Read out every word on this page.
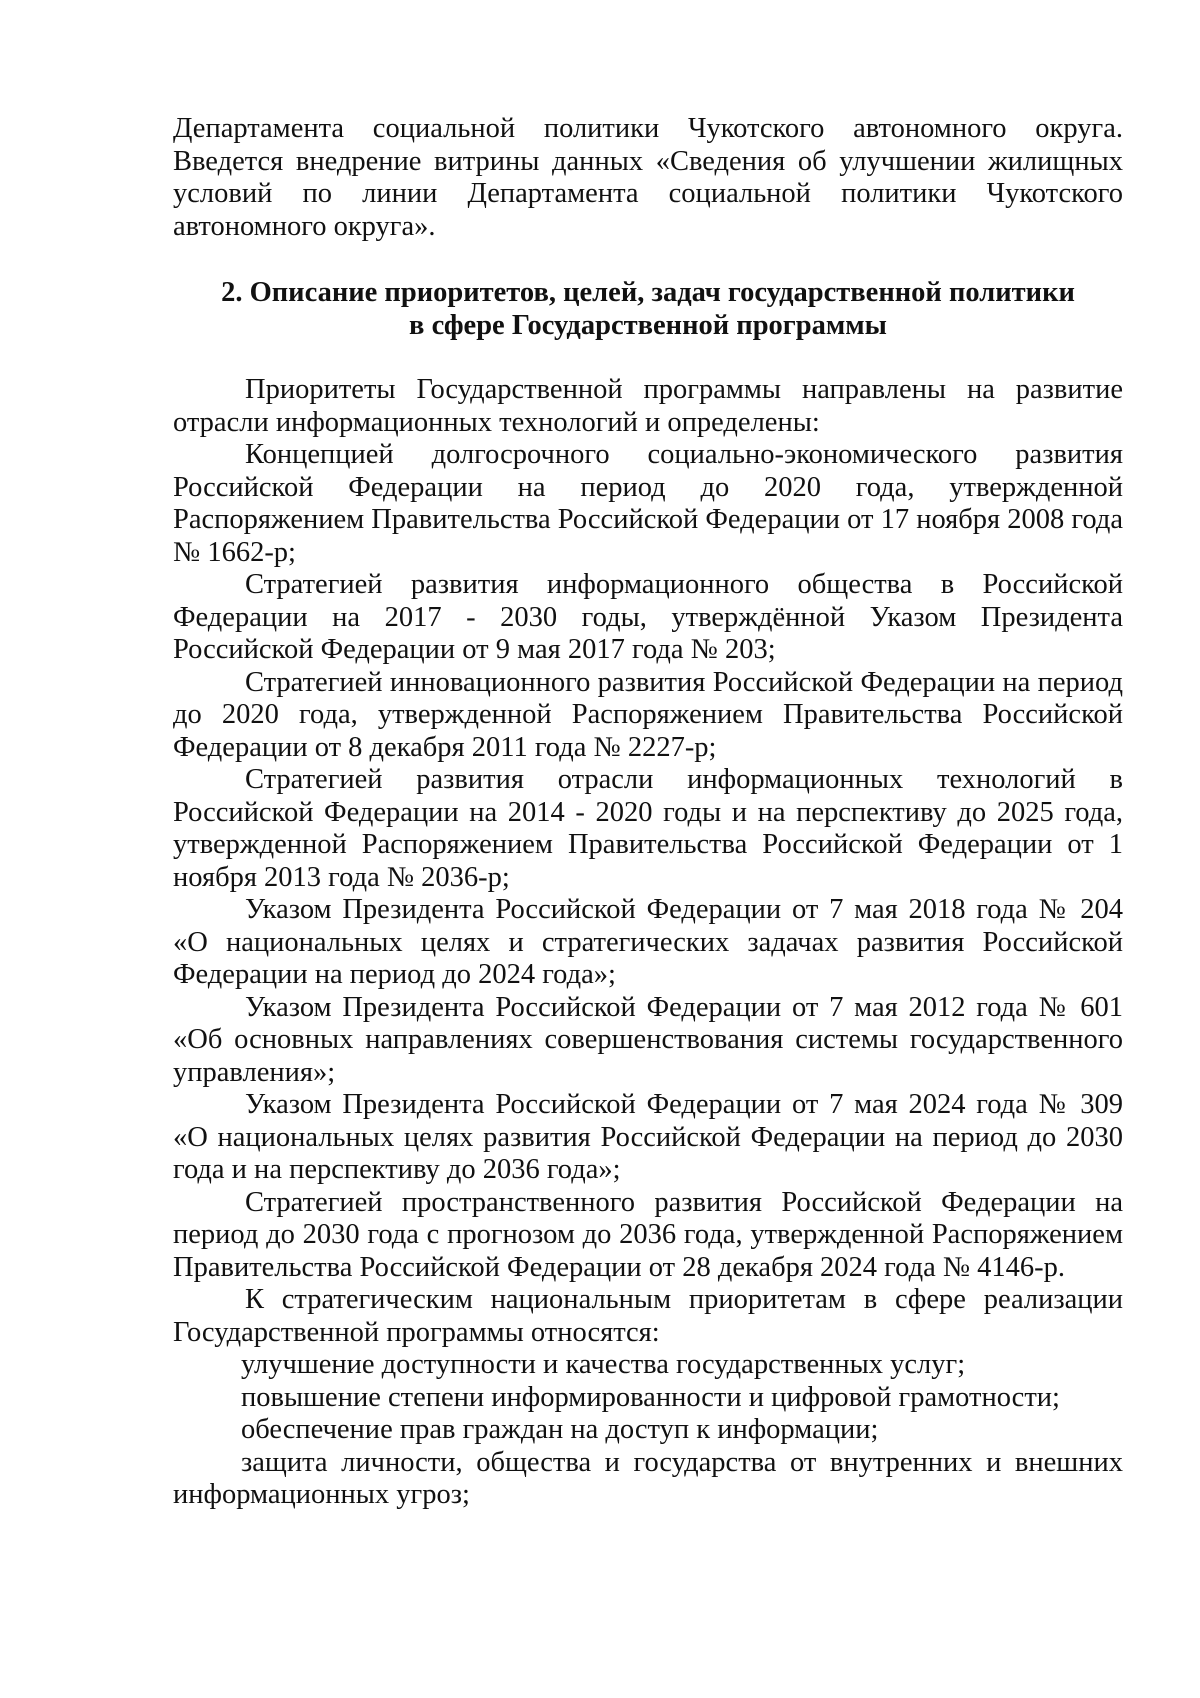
Департамента социальной политики Чукотского автономного округа. Введется внедрение витрины данных «Сведения об улучшении жилищных условий по линии Департамента социальной политики Чукотского автономного округа».

2. Описание приоритетов, целей, задач государственной политики
в сфере Государственной программы

Приоритеты Государственной программы направлены на развитие отрасли информационных технологий и определены:

Концепцией долгосрочного социально-экономического развития Российской Федерации на период до 2020 года, утвержденной Распоряжением Правительства Российской Федерации от 17 ноября 2008 года № 1662-р;

Стратегией развития информационного общества в Российской Федерации на 2017 - 2030 годы, утверждённой Указом Президента Российской Федерации от 9 мая 2017 года № 203;

Стратегией инновационного развития Российской Федерации на период до 2020 года, утвержденной Распоряжением Правительства Российской Федерации от 8 декабря 2011 года № 2227-р;

Стратегией развития отрасли информационных технологий в Российской Федерации на 2014 - 2020 годы и на перспективу до 2025 года, утвержденной Распоряжением Правительства Российской Федерации от 1 ноября 2013 года № 2036-р;

Указом Президента Российской Федерации от 7 мая 2018 года № 204 «О национальных целях и стратегических задачах развития Российской Федерации на период до 2024 года»;

Указом Президента Российской Федерации от 7 мая 2012 года № 601 «Об основных направлениях совершенствования системы государственного управления»;

Указом Президента Российской Федерации от 7 мая 2024 года № 309 «О национальных целях развития Российской Федерации на период до 2030 года и на перспективу до 2036 года»;

Стратегией пространственного развития Российской Федерации на период до 2030 года с прогнозом до 2036 года, утвержденной Распоряжением Правительства Российской Федерации от 28 декабря 2024 года № 4146-р.

К стратегическим национальным приоритетам в сфере реализации Государственной программы относятся:

улучшение доступности и качества государственных услуг;

повышение степени информированности и цифровой грамотности;

обеспечение прав граждан на доступ к информации;

защита личности, общества и государства от внутренних и внешних информационных угроз;
